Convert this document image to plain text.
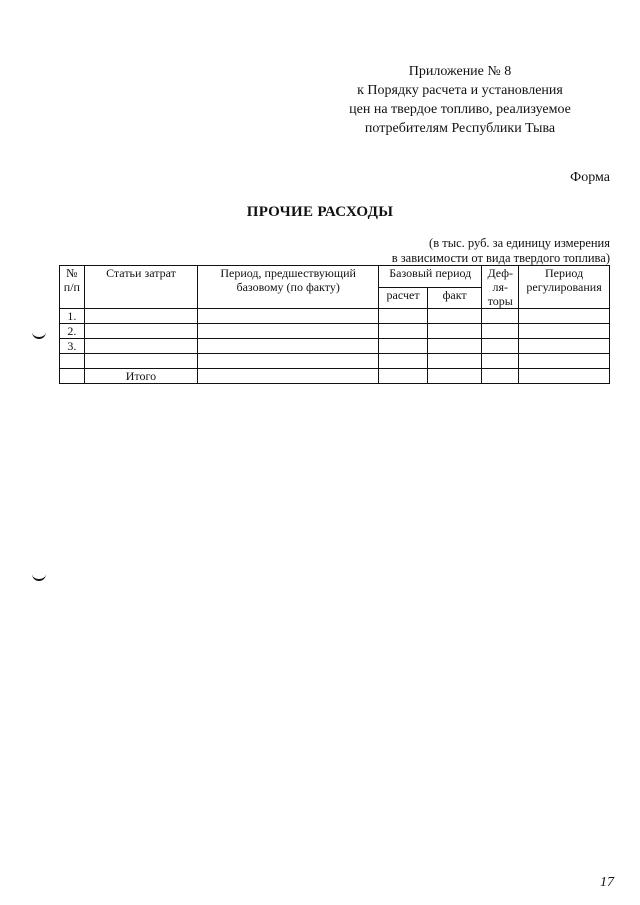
Приложение № 8
к Порядку расчета и установления
цен на твердое топливо, реализуемое
потребителям Республики Тыва
Форма
ПРОЧИЕ РАСХОДЫ
(в тыс. руб. за единицу измерения
в зависимости от вида твердого топлива)
№ п/п	Статьи затрат	Период, предшествующий базовому (по факту)	Базовый период		Деф-ля-торы	Период регулирования
			расчет	факт		
1.						
2.						
3.						

	Итого					
17
